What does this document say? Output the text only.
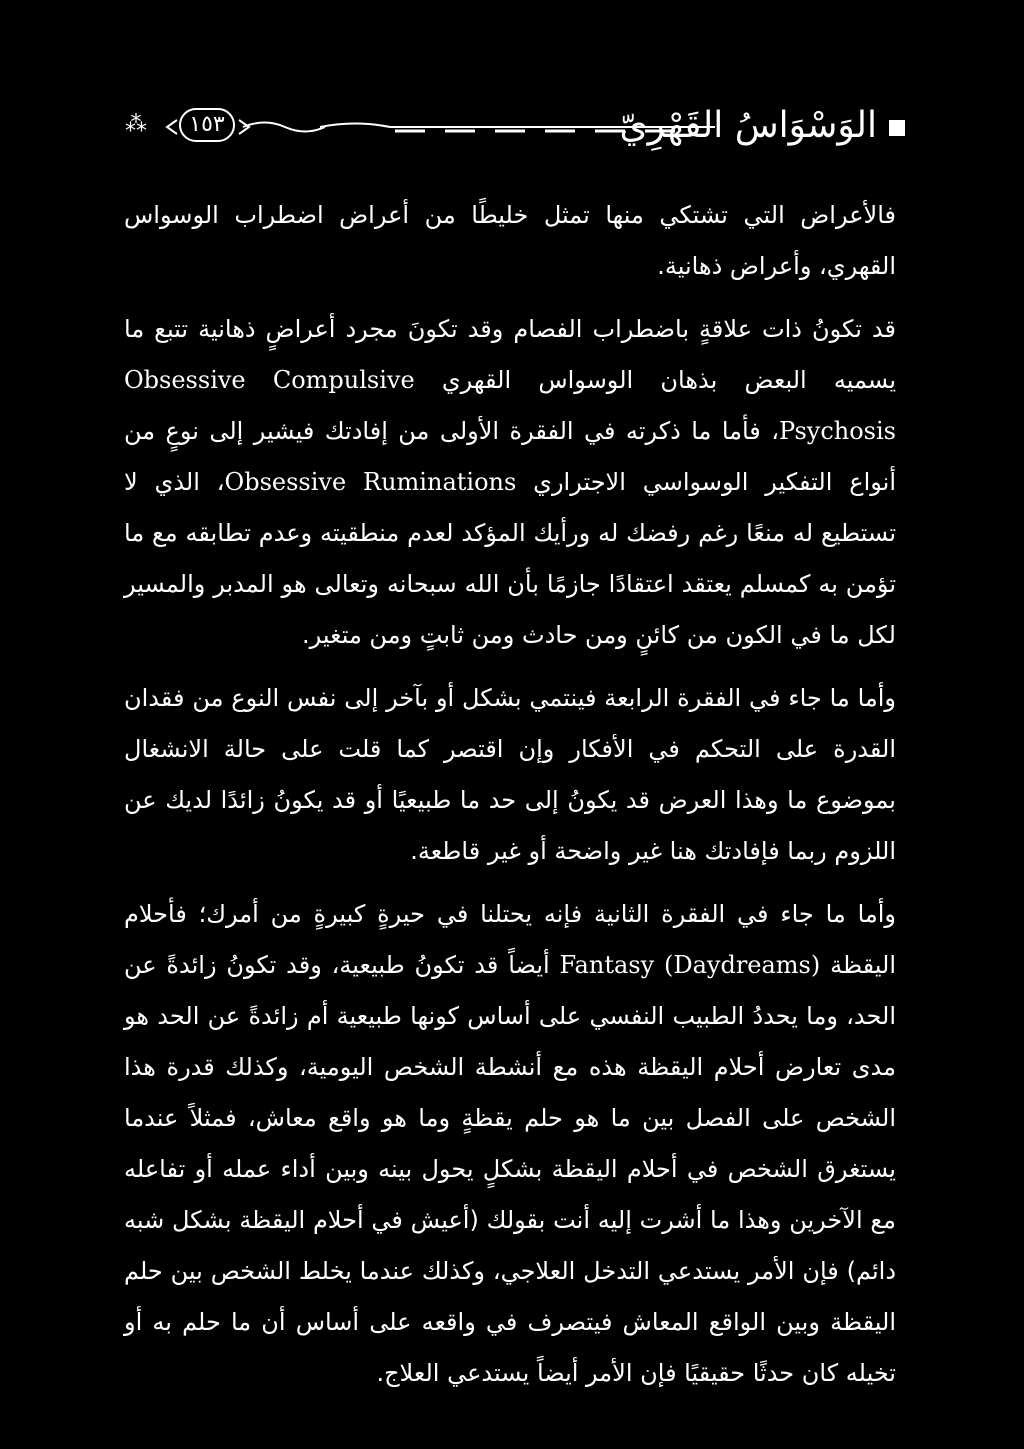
⁂	١٥٣	الوَسْوَاسُ القَهْرِيّ

فالأعراض التي تشتكي منها تمثل خليطًا من أعراض اضطراب الوسواس القهري، وأعراض ذهانية.

قد تكونُ ذات علاقةٍ باضطراب الفصام وقد تكونَ مجرد أعراضٍ ذهانية تتبع ما يسميه البعض بذهان الوسواس القهري Obsessive Compulsive Psychosis، فأما ما ذكرته في الفقرة الأولى من إفادتك فيشير إلى نوعٍ من أنواع التفكير الوسواسي الاجتراري Obsessive Ruminations، الذي لا تستطيع له منعًا رغم رفضك له ورأيك المؤكد لعدم منطقيته وعدم تطابقه مع ما تؤمن به كمسلم يعتقد اعتقادًا جازمًا بأن الله سبحانه وتعالى هو المدبر والمسير لكل ما في الكون من كائنٍ ومن حادث ومن ثابتٍ ومن متغير.

وأما ما جاء في الفقرة الرابعة فينتمي بشكل أو بآخر إلى نفس النوع من فقدان القدرة على التحكم في الأفكار وإن اقتصر كما قلت على حالة الانشغال بموضوع ما وهذا العرض قد يكونُ إلى حد ما طبيعيًا أو قد يكونُ زائدًا لديك عن اللزوم ربما فإفادتك هنا غير واضحة أو غير قاطعة.

وأما ما جاء في الفقرة الثانية فإنه يحتلنا في حيرةٍ كبيرةٍ من أمرك؛ فأحلام اليقظة Fantasy (Daydreams) أيضاً قد تكونُ طبيعية، وقد تكونُ زائدةً عن الحد، وما يحددُ الطبيب النفسي على أساس كونها طبيعية أم زائدةً عن الحد هو مدى تعارض أحلام اليقظة هذه مع أنشطة الشخص اليومية، وكذلك قدرة هذا الشخص على الفصل بين ما هو حلم يقظةٍ وما هو واقع معاش، فمثلاً عندما يستغرق الشخص في أحلام اليقظة بشكلٍ يحول بينه وبين أداء عمله أو تفاعله مع الآخرين وهذا ما أشرت إليه أنت بقولك (أعيش في أحلام اليقظة بشكل شبه دائم) فإن الأمر يستدعي التدخل العلاجي، وكذلك عندما يخلط الشخص بين حلم اليقظة وبين الواقع المعاش فيتصرف في واقعه على أساس أن ما حلم به أو تخيله كان حدثًا حقيقيًا فإن الأمر أيضاً يستدعي العلاج.
